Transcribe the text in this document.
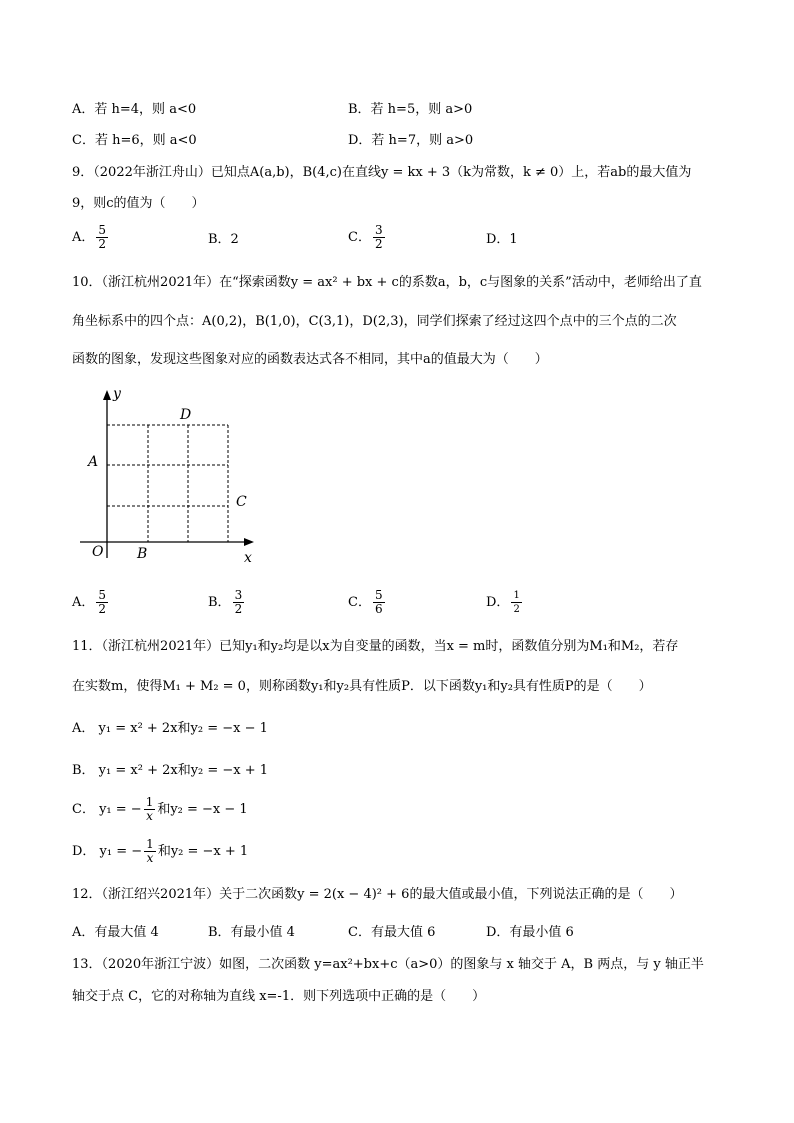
A．若 h=4，则 a<0	B．若 h=5，则 a>0
C．若 h=6，则 a<0	D．若 h=7，则 a>0
9．（2022年浙江舟山）已知点A(a,b)，B(4,c)在直线y = kx + 3（k为常数，k ≠ 0）上，若ab的最大值为
9，则c的值为（　　）
A． $\frac{5}{2}$	B．2	C． $\frac{3}{2}$	D．1
10．（浙江杭州2021年）在“探索函数y = ax² + bx + c的系数a，b，c与图象的关系”活动中，老师给出了直
角坐标系中的四个点：A(0,2)，B(1,0)，C(3,1)，D(2,3)，同学们探索了经过这四个点中的三个点的二次
函数的图象，发现这些图象对应的函数表达式各不相同，其中a的值最大为（　　）
y
x
O
A
B
C
D
A． $\frac{5}{2}$	B． $\frac{3}{2}$	C． $\frac{5}{6}$	D． $\frac{1}{2}$
11．（浙江杭州2021年）已知y₁和y₂均是以x为自变量的函数，当x = m时，函数值分别为M₁和M₂，若存
在实数m，使得M₁ + M₂ = 0，则称函数y₁和y₂具有性质P．以下函数y₁和y₂具有性质P的是（　　）
A． y₁ = x² + 2x和y₂ = −x − 1
B． y₁ = x² + 2x和y₂ = −x + 1
C． y₁ = − $\frac{1}{x}$ 和y₂ = −x − 1
D． y₁ = − $\frac{1}{x}$ 和y₂ = −x + 1
12．（浙江绍兴2021年）关于二次函数y = 2(x − 4)² + 6的最大值或最小值，下列说法正确的是（　　）
A．有最大值 4	B．有最小值 4	C．有最大值 6	D．有最小值 6
13．（2020年浙江宁波）如图，二次函数 y=ax²+bx+c（a>0）的图象与 x 轴交于 A，B 两点，与 y 轴正半
轴交于点 C，它的对称轴为直线 x=-1．则下列选项中正确的是（　　）
